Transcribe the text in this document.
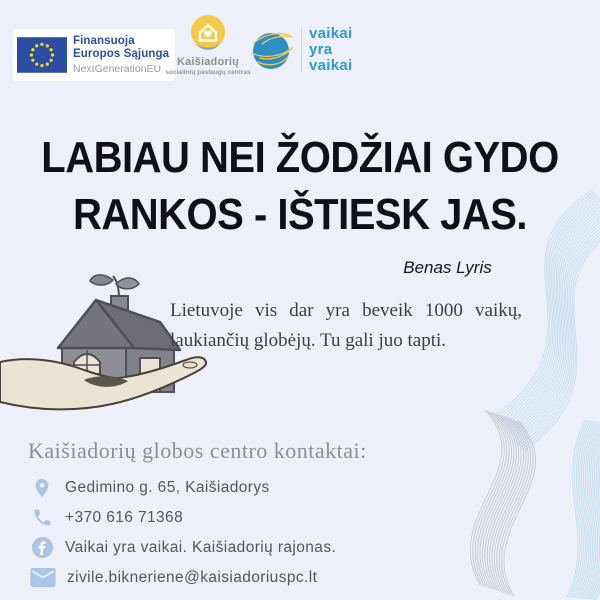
Finansuoja
Europos Sąjunga
NextGenerationEU
Kaišiadorių
socialinių paslaugų centras
vaikai
yra
vaikai
LABIAU NEI ŽODŽIAI GYDO
RANKOS - IŠTIESK JAS.
Benas Lyris

Lietuvoje vis dar yra beveik 1000 vaikų, laukiančių globėjų. Tu gali juo tapti.

Kaišiadorių globos centro kontaktai:
Gedimino g. 65, Kaišiadorys
+370 616 71368
Vaikai yra vaikai. Kaišiadorių rajonas.
zivile.bikneriene@kaisiadoriuspc.lt
